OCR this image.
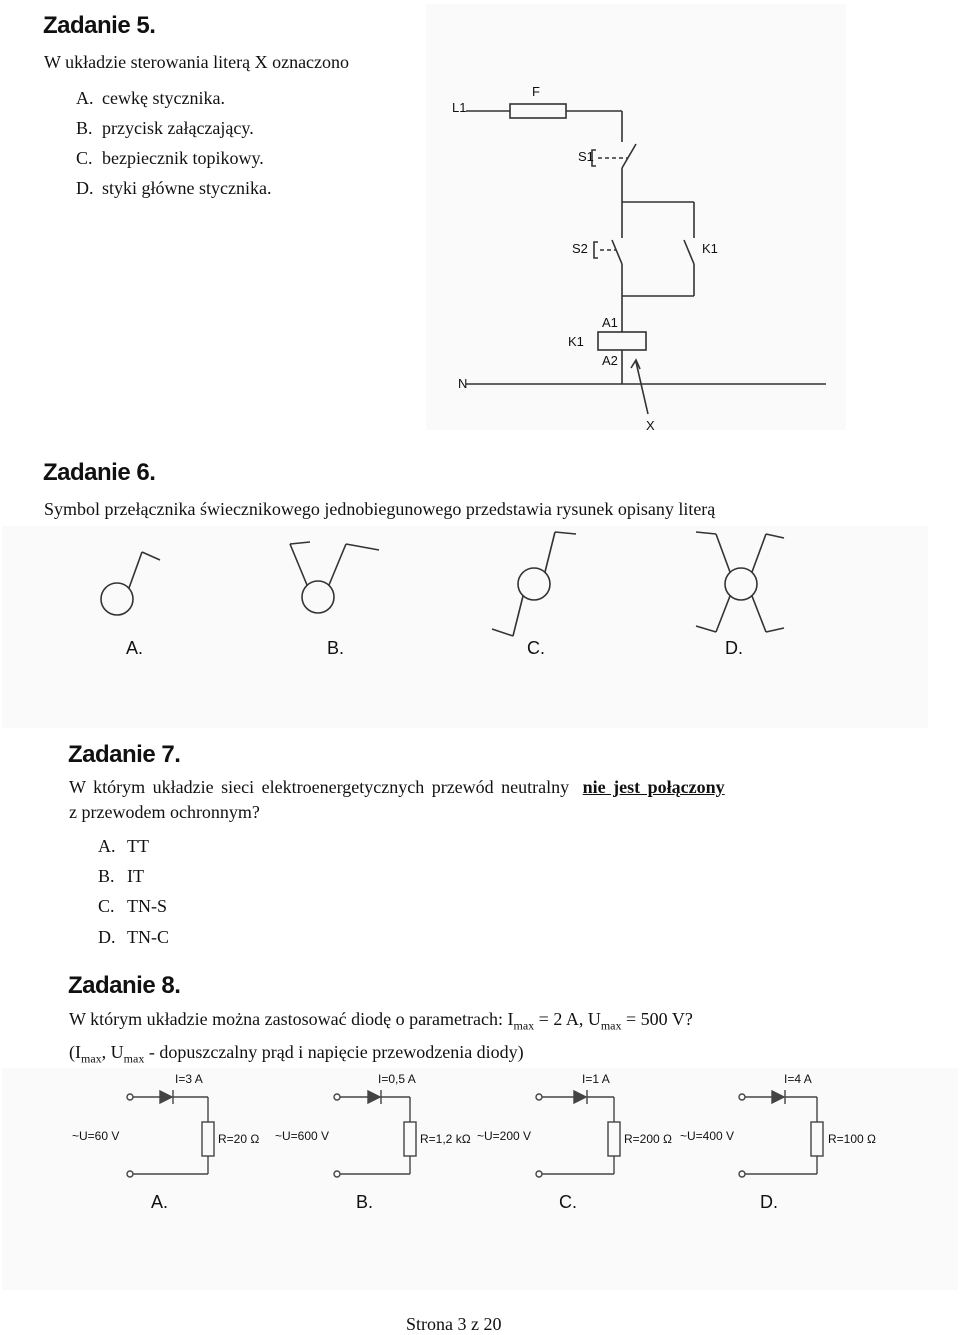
Zadanie 5.
W układzie sterowania literą X oznaczono
A. cewkę stycznika.
B. przycisk załączający.
C. bezpiecznik topikowy.
D. styki główne stycznika.
L1
F
S1
S2	K1
A1
K1
A2
N
X
Zadanie 6.
Symbol przełącznika świecznikowego jednobiegunowego przedstawia rysunek opisany literą
A.	B.	C.	D.
Zadanie 7.
W którym układzie sieci elektroenergetycznych przewód neutralny nie jest połączony
z przewodem ochronnym?
A. TT
B. IT
C. TN-S
D. TN-C
Zadanie 8.
W którym układzie można zastosować diodę o parametrach: $I_{max} = 2$ A, $U_{max} = 500$ V?
($I_{max}$, $U_{max}$ - dopuszczalny prąd i napięcie przewodzenia diody)
I=3 A
~U=60 V	R=20 Ω
A.
I=0,5 A
~U=600 V	R=1,2 kΩ
B.
I=1 A
~U=200 V	R=200 Ω
C.
I=4 A
~U=400 V	R=100 Ω
D.
Strona 3 z 20
